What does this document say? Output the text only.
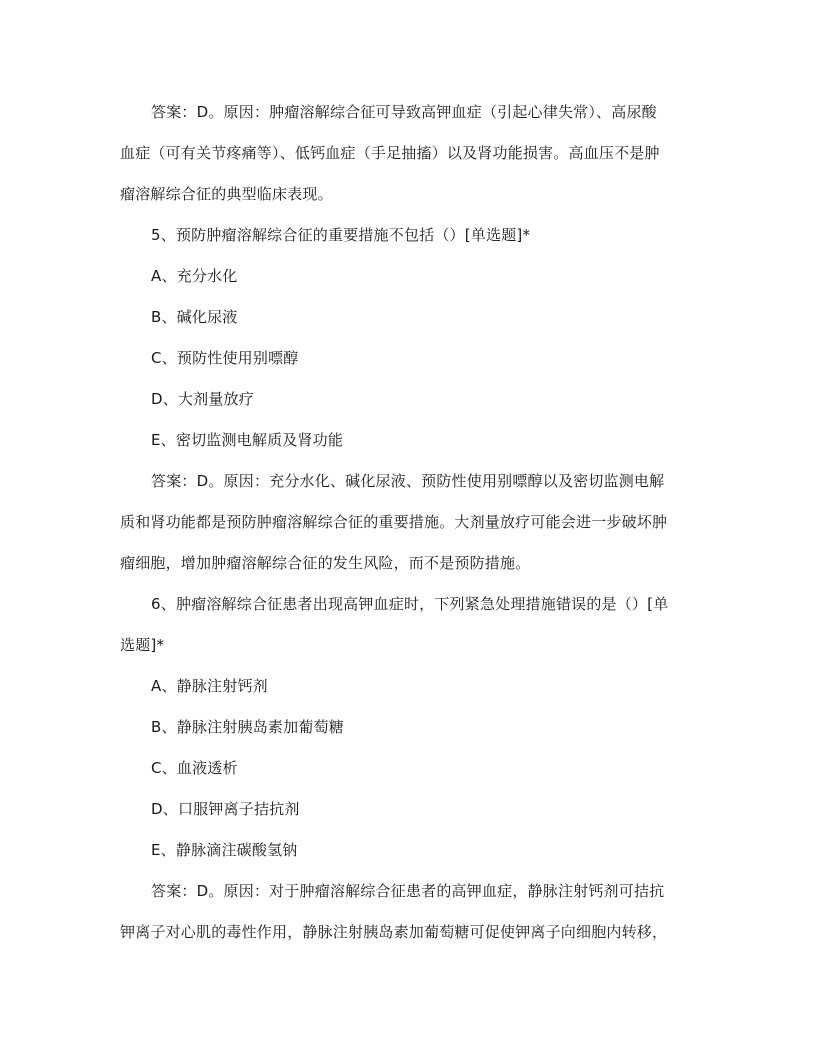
答案：D。原因：肿瘤溶解综合征可导致高钾血症（引起心律失常）、高尿酸
血症（可有关节疼痛等）、低钙血症（手足抽搐）以及肾功能损害。高血压不是肿
瘤溶解综合征的典型临床表现。
5、预防肿瘤溶解综合征的重要措施不包括（）[单选题]*
A、充分水化
B、碱化尿液
C、预防性使用别嘌醇
D、大剂量放疗
E、密切监测电解质及肾功能
答案：D。原因：充分水化、碱化尿液、预防性使用别嘌醇以及密切监测电解
质和肾功能都是预防肿瘤溶解综合征的重要措施。大剂量放疗可能会进一步破坏肿
瘤细胞，增加肿瘤溶解综合征的发生风险，而不是预防措施。
6、肿瘤溶解综合征患者出现高钾血症时，下列紧急处理措施错误的是（）[单
选题]*
A、静脉注射钙剂
B、静脉注射胰岛素加葡萄糖
C、血液透析
D、口服钾离子拮抗剂
E、静脉滴注碳酸氢钠
答案：D。原因：对于肿瘤溶解综合征患者的高钾血症，静脉注射钙剂可拮抗
钾离子对心肌的毒性作用，静脉注射胰岛素加葡萄糖可促使钾离子向细胞内转移，
